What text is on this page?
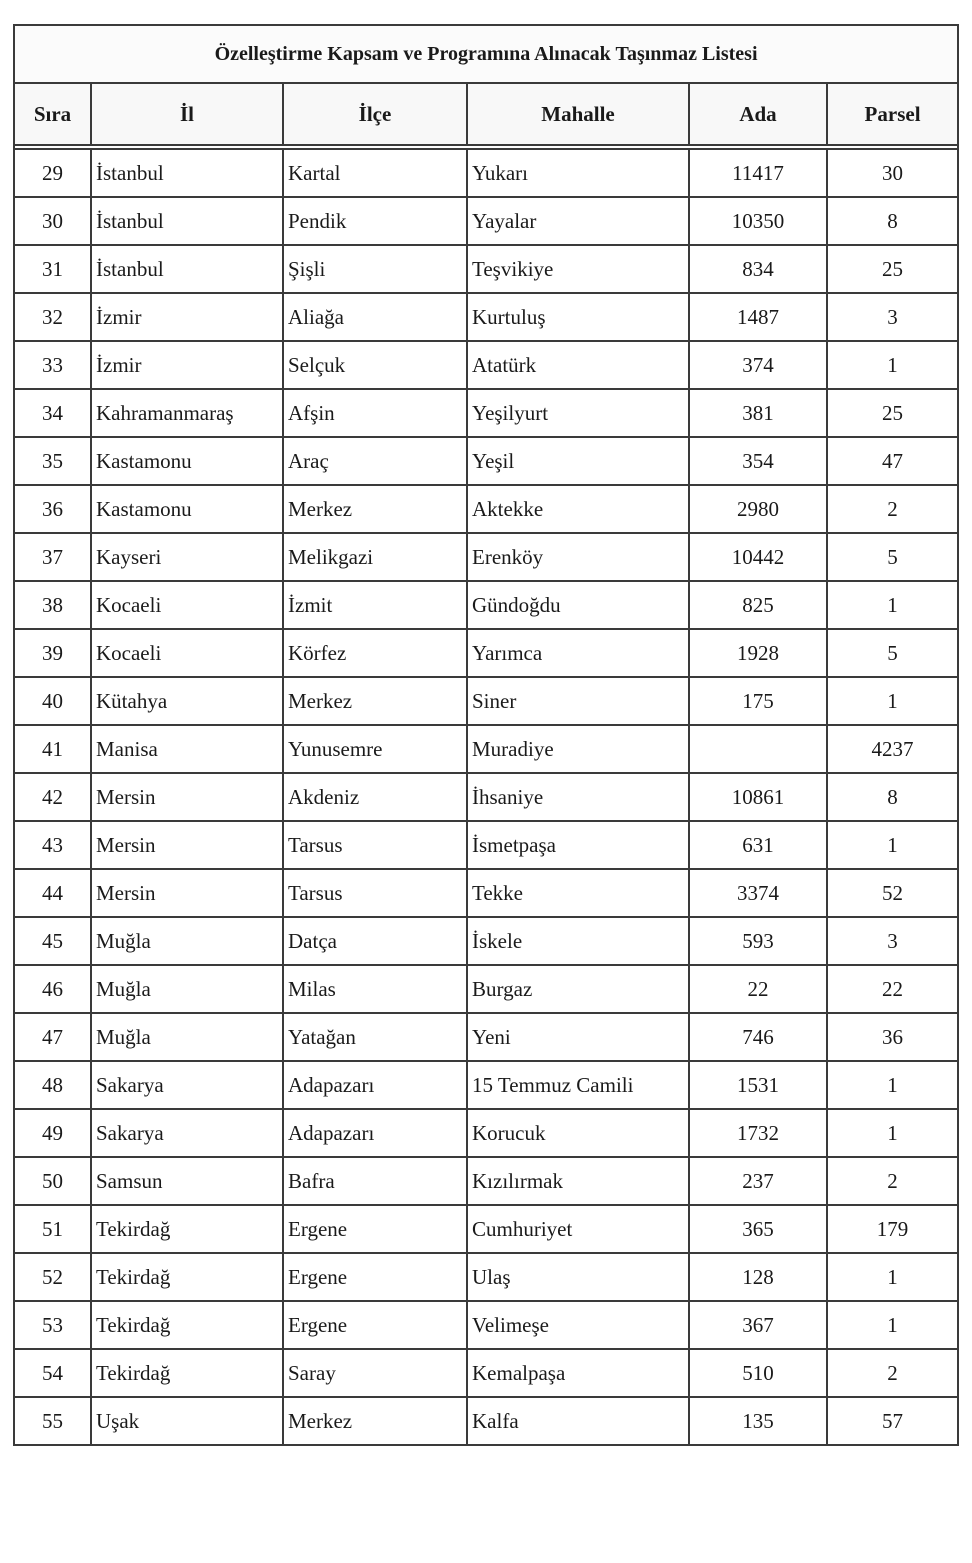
Özelleştirme Kapsam ve Programına Alınacak Taşınmaz Listesi					
Sıra	İl	İlçe	Mahalle	Ada	Parsel

29	İstanbul	Kartal	Yukarı	11417	30
30	İstanbul	Pendik	Yayalar	10350	8
31	İstanbul	Şişli	Teşvikiye	834	25
32	İzmir	Aliağa	Kurtuluş	1487	3
33	İzmir	Selçuk	Atatürk	374	1
34	Kahramanmaraş	Afşin	Yeşilyurt	381	25
35	Kastamonu	Araç	Yeşil	354	47
36	Kastamonu	Merkez	Aktekke	2980	2
37	Kayseri	Melikgazi	Erenköy	10442	5
38	Kocaeli	İzmit	Gündoğdu	825	1
39	Kocaeli	Körfez	Yarımca	1928	5
40	Kütahya	Merkez	Siner	175	1
41	Manisa	Yunusemre	Muradiye		4237
42	Mersin	Akdeniz	İhsaniye	10861	8
43	Mersin	Tarsus	İsmetpaşa	631	1
44	Mersin	Tarsus	Tekke	3374	52
45	Muğla	Datça	İskele	593	3
46	Muğla	Milas	Burgaz	22	22
47	Muğla	Yatağan	Yeni	746	36
48	Sakarya	Adapazarı	15 Temmuz Camili	1531	1
49	Sakarya	Adapazarı	Korucuk	1732	1
50	Samsun	Bafra	Kızılırmak	237	2
51	Tekirdağ	Ergene	Cumhuriyet	365	179
52	Tekirdağ	Ergene	Ulaş	128	1
53	Tekirdağ	Ergene	Velimeşe	367	1
54	Tekirdağ	Saray	Kemalpaşa	510	2
55	Uşak	Merkez	Kalfa	135	57
